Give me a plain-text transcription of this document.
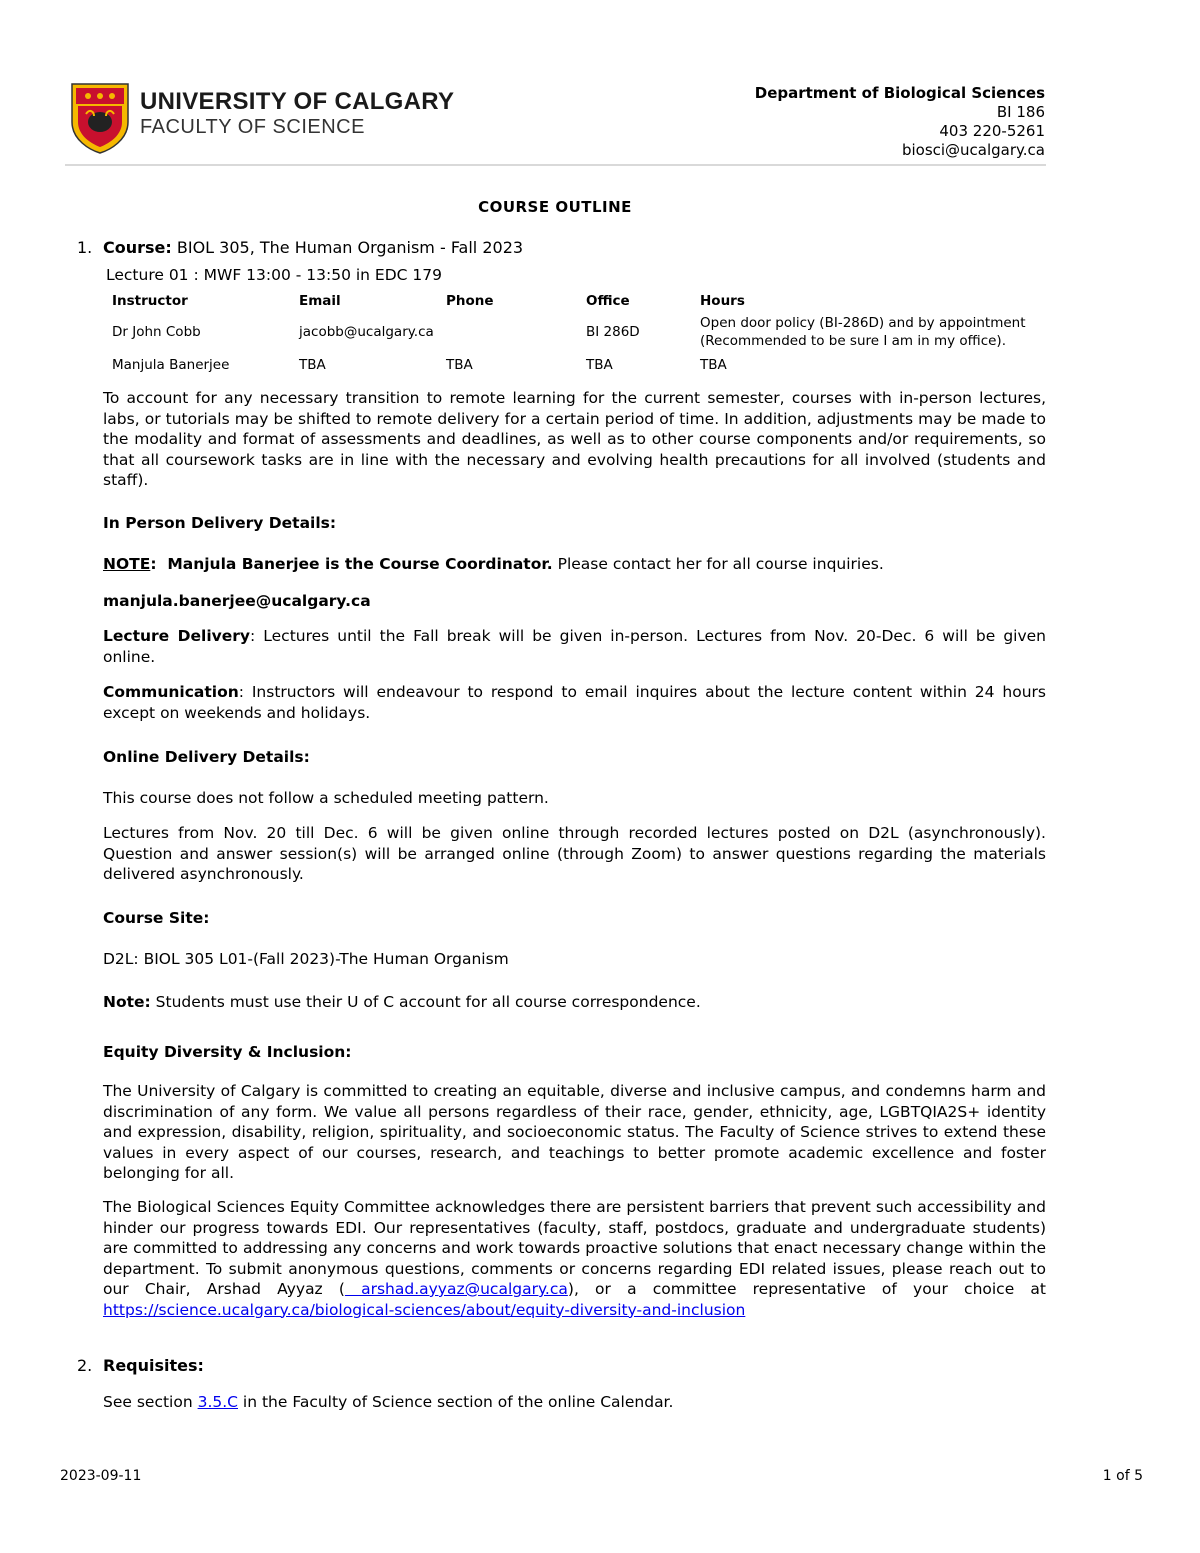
UNIVERSITY OF CALGARY
FACULTY OF SCIENCE
Department of Biological Sciences
BI 186
403 220-5261
biosci@ucalgary.ca
COURSE OUTLINE
1. Course: BIOL 305, The Human Organism - Fall 2023
Lecture 01 : MWF 13:00 - 13:50 in EDC 179
Instructor	Email	Phone	Office	Hours
Dr John Cobb	jacobb@ucalgary.ca		BI 286D	Open door policy (BI-286D) and by appointment (Recommended to be sure I am in my office).
Manjula Banerjee	TBA	TBA	TBA	TBA
To account for any necessary transition to remote learning for the current semester, courses with in-person lectures, labs, or tutorials may be shifted to remote delivery for a certain period of time. In addition, adjustments may be made to the modality and format of assessments and deadlines, as well as to other course components and/or requirements, so that all coursework tasks are in line with the necessary and evolving health precautions for all involved (students and staff).
In Person Delivery Details:
NOTE: Manjula Banerjee is the Course Coordinator. Please contact her for all course inquiries.
manjula.banerjee@ucalgary.ca
Lecture Delivery: Lectures until the Fall break will be given in-person. Lectures from Nov. 20-Dec. 6 will be given online.
Communication: Instructors will endeavour to respond to email inquires about the lecture content within 24 hours except on weekends and holidays.
Online Delivery Details:
This course does not follow a scheduled meeting pattern.
Lectures from Nov. 20 till Dec. 6 will be given online through recorded lectures posted on D2L (asynchronously). Question and answer session(s) will be arranged online (through Zoom) to answer questions regarding the materials delivered asynchronously.
Course Site:
D2L: BIOL 305 L01-(Fall 2023)-The Human Organism
Note: Students must use their U of C account for all course correspondence.
Equity Diversity & Inclusion:
The University of Calgary is committed to creating an equitable, diverse and inclusive campus, and condemns harm and discrimination of any form. We value all persons regardless of their race, gender, ethnicity, age, LGBTQIA2S+ identity and expression, disability, religion, spirituality, and socioeconomic status. The Faculty of Science strives to extend these values in every aspect of our courses, research, and teachings to better promote academic excellence and foster belonging for all.
The Biological Sciences Equity Committee acknowledges there are persistent barriers that prevent such accessibility and hinder our progress towards EDI. Our representatives (faculty, staff, postdocs, graduate and undergraduate students) are committed to addressing any concerns and work towards proactive solutions that enact necessary change within the department. To submit anonymous questions, comments or concerns regarding EDI related issues, please reach out to our Chair, Arshad Ayyaz ( arshad.ayyaz@ucalgary.ca), or a committee representative of your choice at https://science.ucalgary.ca/biological-sciences/about/equity-diversity-and-inclusion
2. Requisites:
See section 3.5.C in the Faculty of Science section of the online Calendar.
2023-09-11	1 of 5
